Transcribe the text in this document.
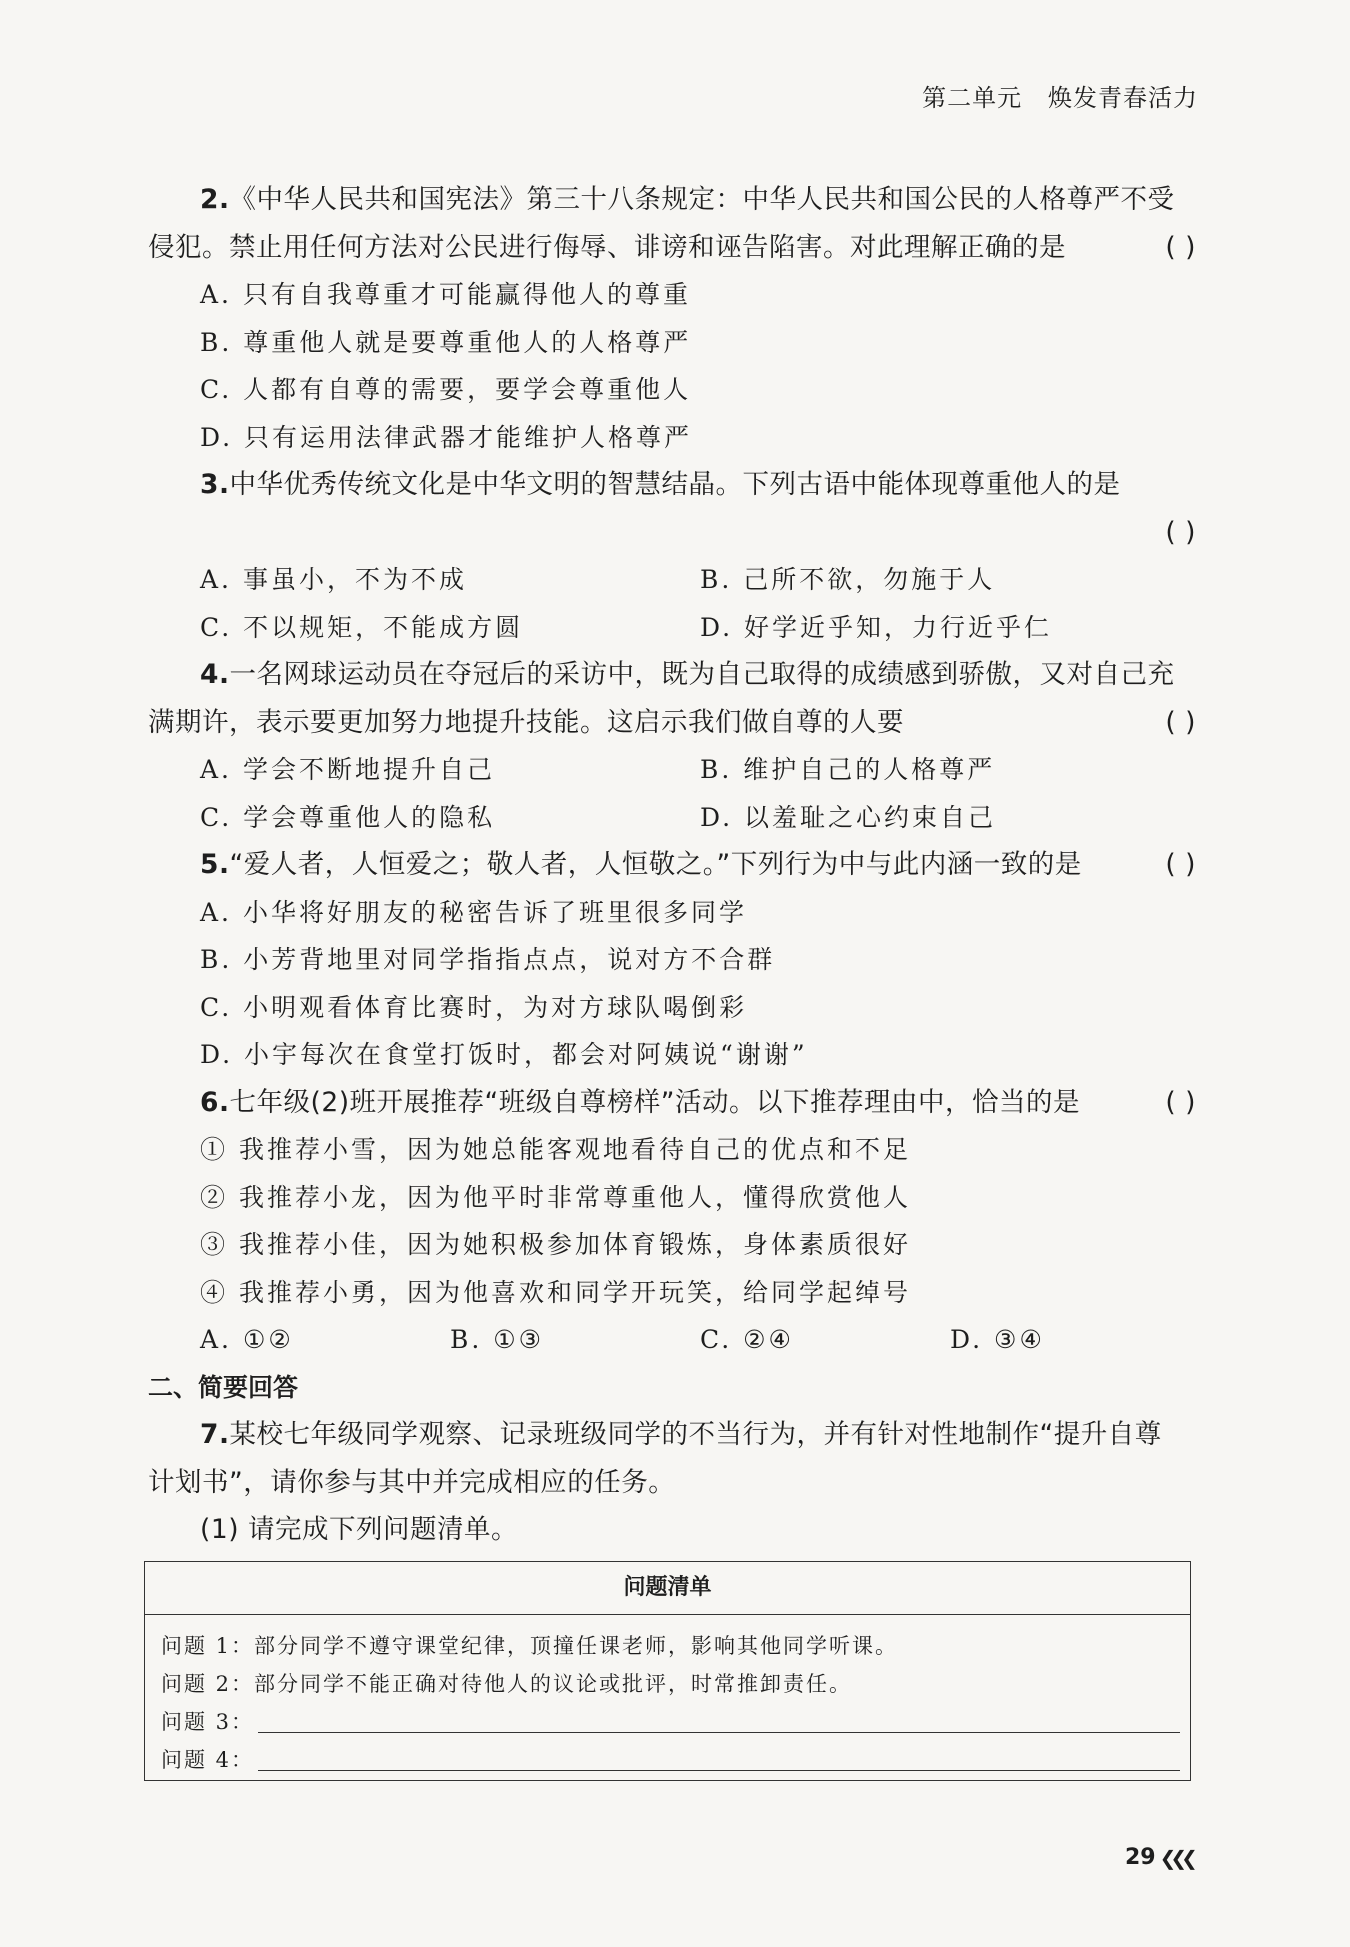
第二单元 焕发青春活力
2.《中华人民共和国宪法》第三十八条规定：中华人民共和国公民的人格尊严不受
侵犯。禁止用任何方法对公民进行侮辱、诽谤和诬告陷害。对此理解正确的是	( )
A. 只有自我尊重才可能赢得他人的尊重
B. 尊重他人就是要尊重他人的人格尊严
C. 人都有自尊的需要，要学会尊重他人
D. 只有运用法律武器才能维护人格尊严
3.中华优秀传统文化是中华文明的智慧结晶。下列古语中能体现尊重他人的是
( )
A. 事虽小，不为不成	B. 己所不欲，勿施于人
C. 不以规矩，不能成方圆	D. 好学近乎知，力行近乎仁
4.一名网球运动员在夺冠后的采访中，既为自己取得的成绩感到骄傲，又对自己充
满期许，表示要更加努力地提升技能。这启示我们做自尊的人要	( )
A. 学会不断地提升自己	B. 维护自己的人格尊严
C. 学会尊重他人的隐私	D. 以羞耻之心约束自己
5.“爱人者，人恒爱之；敬人者，人恒敬之。”下列行为中与此内涵一致的是	( )
A. 小华将好朋友的秘密告诉了班里很多同学
B. 小芳背地里对同学指指点点，说对方不合群
C. 小明观看体育比赛时，为对方球队喝倒彩
D. 小宇每次在食堂打饭时，都会对阿姨说“谢谢”
6.七年级(2)班开展推荐“班级自尊榜样”活动。以下推荐理由中，恰当的是	( )
① 我推荐小雪，因为她总能客观地看待自己的优点和不足
② 我推荐小龙，因为他平时非常尊重他人，懂得欣赏他人
③ 我推荐小佳，因为她积极参加体育锻炼，身体素质很好
④ 我推荐小勇，因为他喜欢和同学开玩笑，给同学起绰号
A. ①②	B. ①③	C. ②④	D. ③④
二、简要回答
7.某校七年级同学观察、记录班级同学的不当行为，并有针对性地制作“提升自尊
计划书”，请你参与其中并完成相应的任务。
(1) 请完成下列问题清单。
问题清单
问题 1：部分同学不遵守课堂纪律，顶撞任课老师，影响其他同学听课。
问题 2：部分同学不能正确对待他人的议论或批评，时常推卸责任。
问题 3：
问题 4：
29 ❮❮❮
